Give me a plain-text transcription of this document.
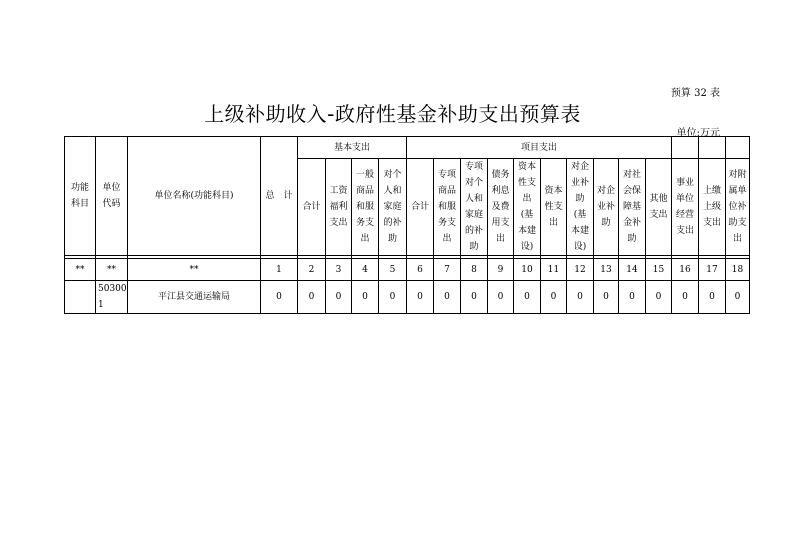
预算 32 表
上级补助收入-政府性基金补助支出预算表
单位:万元
功能科目	单位代码	单位名称(功能科目)	总　计	基本支出				项目支出												

				合计	工资福利支出	一般商品和服务支出	对个人和家庭的补助	合计	专项商品和服务支出	专项对个人和家庭的补助	债务利息及费用支出	资本性支出(基本建设)	资本性支出	对企业补助(基本建设)	对企业补助	对社会保障基金补助	其他支出	事业单位经营支出	上缴上级支出	对附属单位补助支出

**	**	**	1	2	3	4	5	6	7	8	9	10	11	12	13	14	15	16	17	18
	503001	平江县交通运输局	0	0	0	0	0	0	0	0	0	0	0	0	0	0	0	0	0	0
